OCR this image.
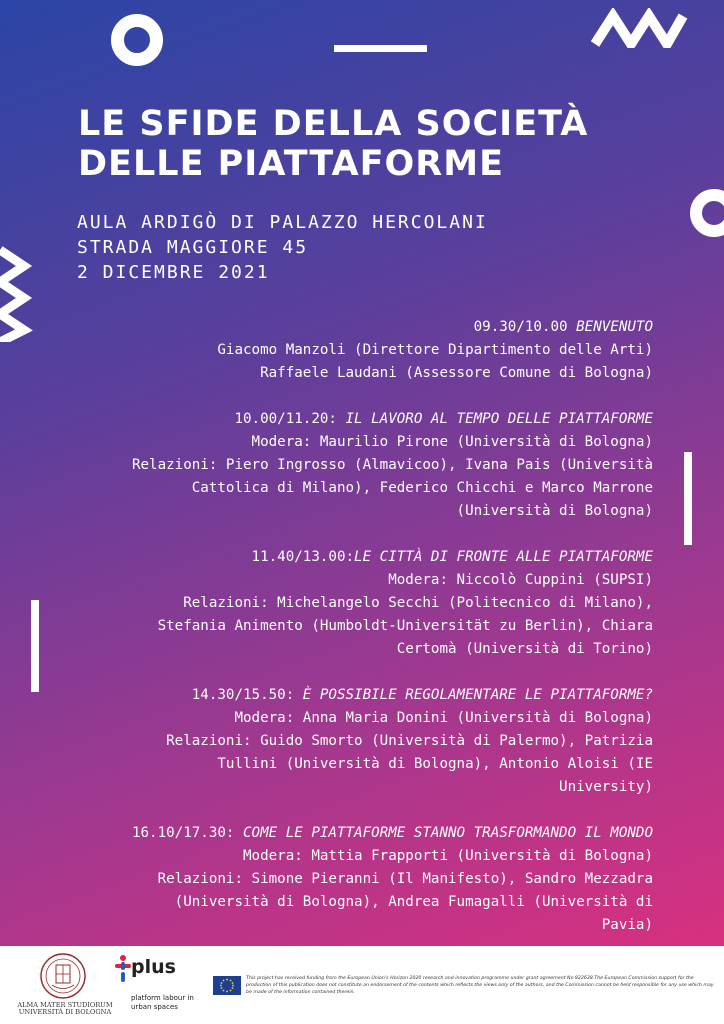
LE SFIDE DELLA SOCIETÀ
DELLE PIATTAFORME
AULA ARDIGÒ DI PALAZZO HERCOLANI
STRADA MAGGIORE 45
2 DICEMBRE 2021

09.30/10.00 BENVENUTO

Giacomo Manzoli (Direttore Dipartimento delle Arti)

Raffaele Laudani (Assessore Comune di Bologna)

10.00/11.20: IL LAVORO AL TEMPO DELLE PIATTAFORME

Modera: Maurilio Pirone (Università di Bologna)

Relazioni: Piero Ingrosso (Almavicoo), Ivana Pais (Università

Cattolica di Milano), Federico Chicchi e Marco Marrone

(Università di Bologna)

11.40/13.00:LE CITTÀ DI FRONTE ALLE PIATTAFORME

Modera: Niccolò Cuppini (SUPSI)

Relazioni: Michelangelo Secchi (Politecnico di Milano),

Stefania Animento (Humboldt-Universität zu Berlin), Chiara

Certomà (Università di Torino)

14.30/15.50: È POSSIBILE REGOLAMENTARE LE PIATTAFORME?

Modera: Anna Maria Donini (Università di Bologna)

Relazioni: Guido Smorto (Università di Palermo), Patrizia

Tullini (Università di Bologna), Antonio Aloisi (IE

University)

16.10/17.30: COME LE PIATTAFORME STANNO TRASFORMANDO IL MONDO

Modera: Mattia Frapporti (Università di Bologna)

Relazioni: Simone Pieranni (Il Manifesto), Sandro Mezzadra

(Università di Bologna), Andrea Fumagalli (Università di

Pavia)

ALMA MATER STUDIORUM
UNIVERSITÀ DI BOLOGNA
plus
platform labour in
urban spaces
This project has received funding from the European Union's Horizon 2020 research and innovation programme under grant agreement No 822638.The European Commission support for the production of this publication does not constitute an endorsement of the contents which reflects the views only of the authors, and the Commission cannot be held responsible for any use which may be made of the information contained therein.
